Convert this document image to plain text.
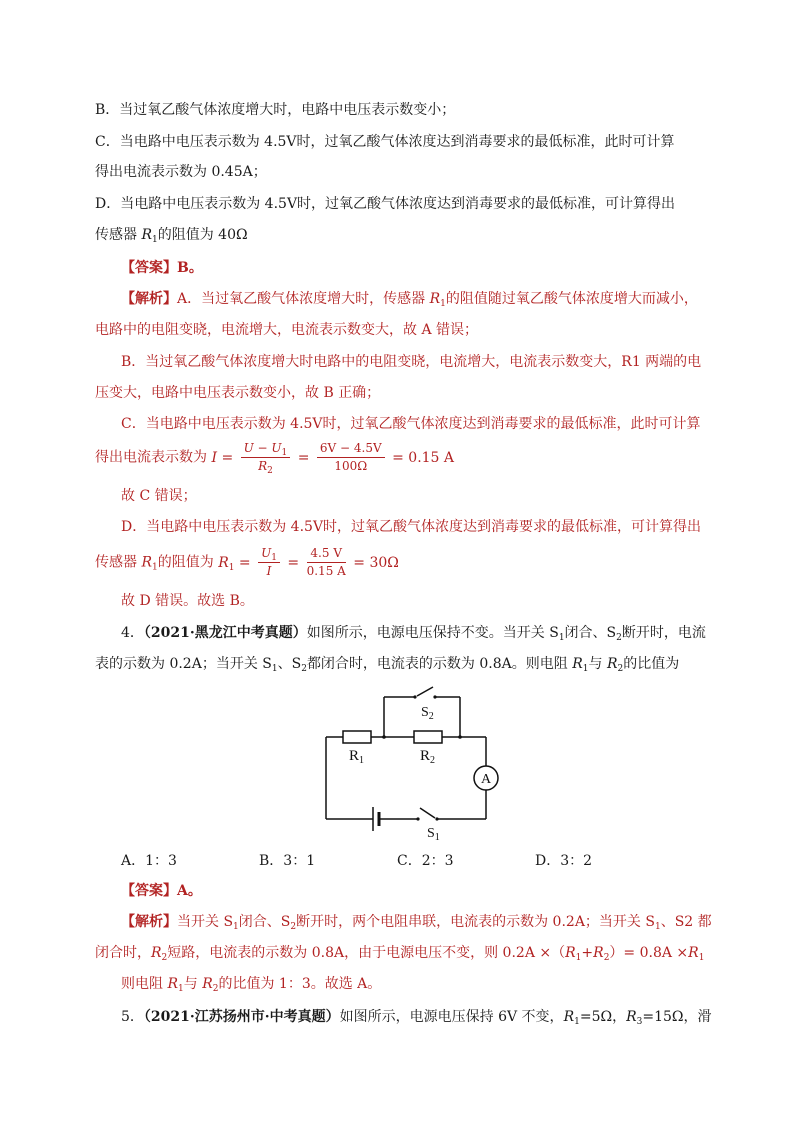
B．当过氧乙酸气体浓度增大时，电路中电压表示数变小；
C．当电路中电压表示数为 4.5V时，过氧乙酸气体浓度达到消毒要求的最低标准，此时可计算
得出电流表示数为 0.45A；
D．当电路中电压表示数为 4.5V时，过氧乙酸气体浓度达到消毒要求的最低标准，可计算得出
传感器 $R_1$的阻值为 40Ω
【答案】B。
【解析】A．当过氧乙酸气体浓度增大时，传感器 $R_1$的阻值随过氧乙酸气体浓度增大而减小，
电路中的电阻变晓，电流增大，电流表示数变大，故 A 错误；
B．当过氧乙酸气体浓度增大时电路中的电阻变晓，电流增大，电流表示数变大，R1 两端的电
压变大，电路中电压表示数变小，故 B 正确；
C．当电路中电压表示数为 4.5V时，过氧乙酸气体浓度达到消毒要求的最低标准，此时可计算
得出电流表示数为 $I = \frac{U - U_1}{R_2} = \frac{6V - 4.5V}{100\Omega} = 0.15$ A
故 C 错误；
D．当电路中电压表示数为 4.5V时，过氧乙酸气体浓度达到消毒要求的最低标准，可计算得出
传感器 $R_1$的阻值为 $R_1 = \frac{U_1}{I} = \frac{4.5 V}{0.15 A} = 30\Omega$
故 D 错误。故选 B。
4．（2021·黑龙江中考真题）如图所示，电源电压保持不变。当开关 $S_1$闭合、$S_2$断开时，电流
表的示数为 0.2A；当开关 $S_1$、$S_2$都闭合时，电流表的示数为 0.8A。则电阻 $R_1$与 $R_2$的比值为
$S_2$
$R_1$	$R_2$
A
$S_1$
A．1：3	B．3：1	C．2：3	D．3：2
【答案】A。
【解析】当开关 $S_1$闭合、$S_2$断开时，两个电阻串联，电流表的示数为 0.2A；当开关 $S_1$、S2 都
闭合时，$R_2$短路，电流表的示数为 0.8A，由于电源电压不变，则 $0.2A \times(R_1+R_2)= 0.8A \times R_1$
则电阻 $R_1$与 $R_2$的比值为 1：3。故选 A。
5．（2021·江苏扬州市·中考真题）如图所示，电源电压保持 6V 不变，$R_1=5\Omega$，$R_3=15\Omega$，滑
